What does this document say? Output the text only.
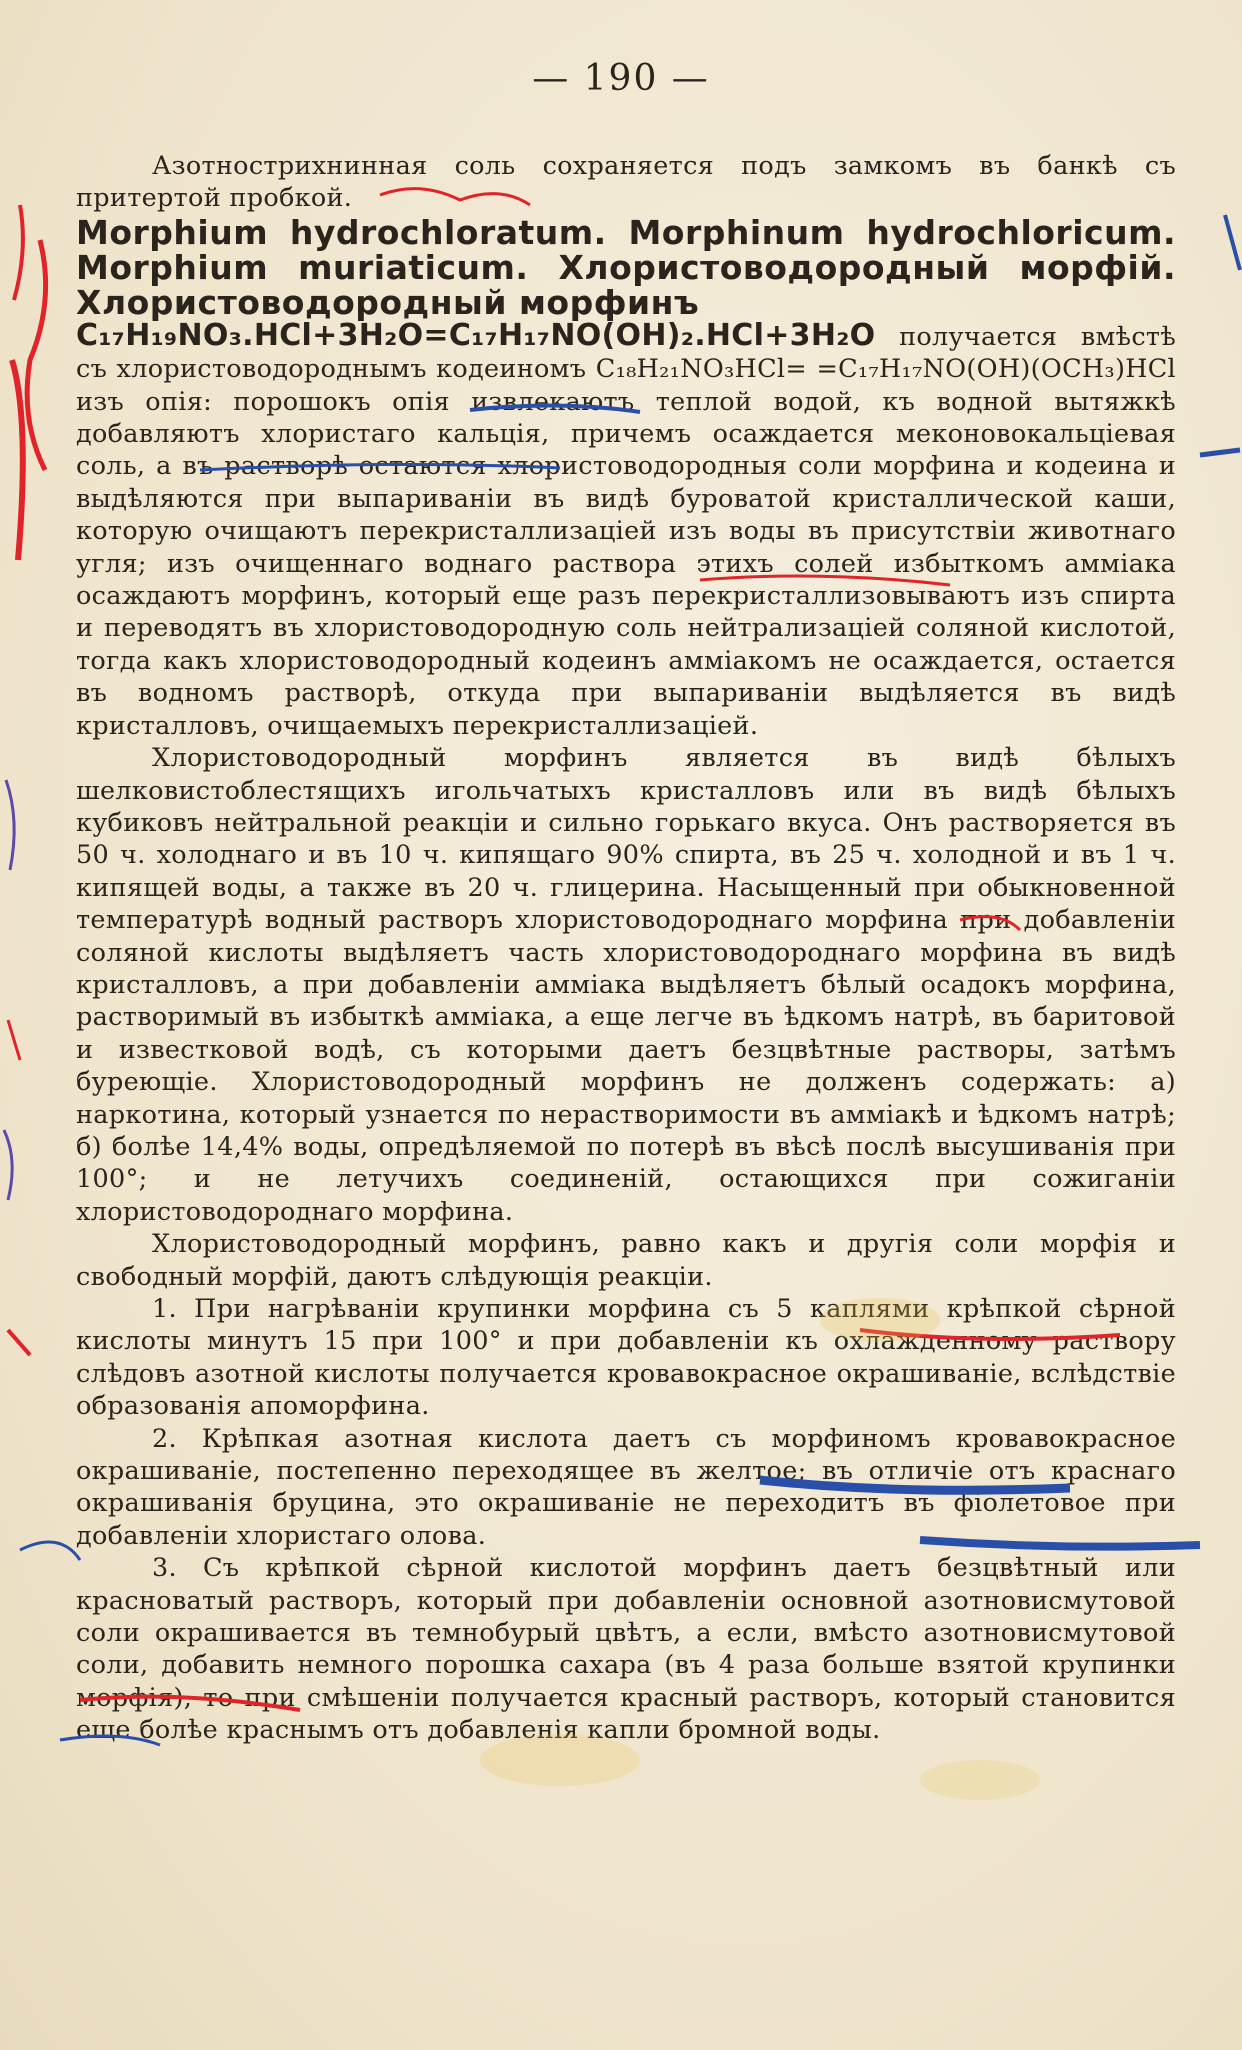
— 190 —

Азотнострихнинная соль сохраняется подъ замкомъ въ банкѣ съ притертой пробкой.

Morphium hydrochloratum. Morphinum hydrochloricum. Morphium muriaticum. Хлористоводородный морфій. Хлористоводородный морфинъ

C₁₇H₁₉NO₃.HCl+3H₂O=C₁₇H₁₇NO(OH)₂.HCl+3H₂O получается вмѣстѣ съ хлористоводороднымъ кодеиномъ C₁₈H₂₁NO₃HCl= =C₁₇H₁₇NO(OH)(OCH₃)HCl изъ опія: порошокъ опія извлекаютъ теплой водой, къ водной вытяжкѣ добавляютъ хлористаго кальція, причемъ осаждается меконовокальціевая соль, а въ растворѣ остаются хлористоводородныя соли морфина и кодеина и выдѣляются при выпариваніи въ видѣ буроватой кристаллической каши, которую очищаютъ перекристаллизаціей изъ воды въ присутствіи животнаго угля; изъ очищеннаго воднаго раствора этихъ солей избыткомъ амміака осаждаютъ морфинъ, который еще разъ перекристаллизовываютъ изъ спирта и переводятъ въ хлористоводородную соль нейтрализаціей соляной кислотой, тогда какъ хлористоводородный кодеинъ амміакомъ не осаждается, остается въ водномъ растворѣ, откуда при выпариваніи выдѣляется въ видѣ кристалловъ, очищаемыхъ перекристаллизаціей.

Хлористоводородный морфинъ является въ видѣ бѣлыхъ шелковистоблестящихъ игольчатыхъ кристалловъ или въ видѣ бѣлыхъ кубиковъ нейтральной реакціи и сильно горькаго вкуса. Онъ растворяется въ 50 ч. холоднаго и въ 10 ч. кипящаго 90% спирта, въ 25 ч. холодной и въ 1 ч. кипящей воды, а также въ 20 ч. глицерина. Насыщенный при обыкновенной температурѣ водный растворъ хлористоводороднаго морфина при добавленіи соляной кислоты выдѣляетъ часть хлористоводороднаго морфина въ видѣ кристалловъ, а при добавленіи амміака выдѣляетъ бѣлый осадокъ морфина, растворимый въ избыткѣ амміака, а еще легче въ ѣдкомъ натрѣ, въ баритовой и известковой водѣ, съ которыми даетъ безцвѣтные растворы, затѣмъ буреющіе. Хлористоводородный морфинъ не долженъ содержать: а) наркотина, который узнается по нерастворимости въ амміакѣ и ѣдкомъ натрѣ; б) болѣе 14,4% воды, опредѣляемой по потерѣ въ вѣсѣ послѣ высушиванія при 100°; и не летучихъ соединеній, остающихся при сожиганіи хлористоводороднаго морфина.

Хлористоводородный морфинъ, равно какъ и другія соли морфія и свободный морфій, даютъ слѣдующія реакціи.

1. При нагрѣваніи крупинки морфина съ 5 каплями крѣпкой сѣрной кислоты минутъ 15 при 100° и при добавленіи къ охлажденному раствору слѣдовъ азотной кислоты получается кровавокрасное окрашиваніе, вслѣдствіе образованія апоморфина.

2. Крѣпкая азотная кислота даетъ съ морфиномъ кровавокрасное окрашиваніе, постепенно переходящее въ желтое; въ отличіе отъ краснаго окрашиванія бруцина, это окрашиваніе не переходитъ въ фіолетовое при добавленіи хлористаго олова.

3. Съ крѣпкой сѣрной кислотой морфинъ даетъ безцвѣтный или красноватый растворъ, который при добавленіи основной азотновисмутовой соли окрашивается въ темнобурый цвѣтъ, а если, вмѣсто азотновисмутовой соли, добавить немного порошка сахара (въ 4 раза больше взятой крупинки морфія), то при смѣшеніи получается красный растворъ, который становится еще болѣе краснымъ отъ добавленія капли бромной воды.
